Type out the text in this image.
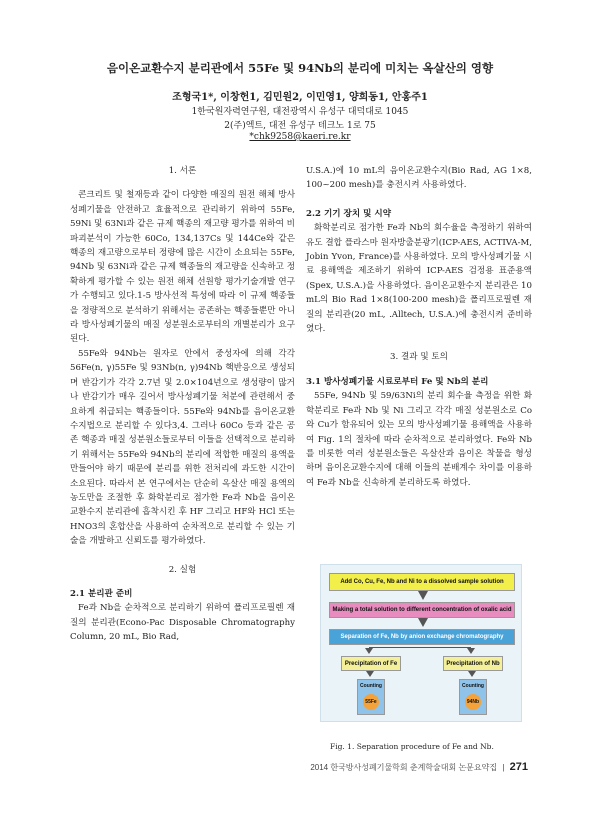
음이온교환수지 분리관에서 55Fe 및 94Nb의 분리에 미치는 옥살산의 영향
조형국1*, 이창헌1, 김민원2, 이민영1, 양희동1, 안홍주1
1한국원자력연구원, 대전광역시 유성구 대덕대로 1045
2(주)엑트, 대전 유성구 테크노 1로 75
*chk9258@kaeri.re.kr
1. 서론

콘크리트 및 철재등과 같이 다양한 매질의 원전 해체 방사성폐기물을 안전하고 효율적으로 관리하기 위하여 55Fe, 59Ni 및 63Ni과 같은 규제 핵종의 재고량 평가를 위하여 비파괴분석이 가능한 60Co, 134,137Cs 및 144Ce와 같은 핵종의 재고량으로부터 정량에 많은 시간이 소요되는 55Fe, 94Nb 및 63Ni과 같은 규제 핵종들의 재고량을 신속하고 정확하게 평가할 수 있는 원전 해체 선원항 평가기술개발 연구가 수행되고 있다.1-5 방사선적 특성에 따라 이 규제 핵종들을 정량적으로 분석하기 위해서는 공존하는 핵종들뿐만 아니라 방사성폐기물의 매질 성분원소로부터의 개별분리가 요구된다.

55Fe와 94Nb는 원자로 안에서 중성자에 의해 각각 56Fe(n, γ)55Fe 및 93Nb(n, γ)94Nb 핵반응으로 생성되며 반감기가 각각 2.7년 및 2.0×104년으로 생성량이 많거나 반감기가 매우 길어서 방사성폐기물 처분에 관련해서 중요하게 취급되는 핵종들이다. 55Fe와 94Nb를 음이온교환수지법으로 분리할 수 있다3,4. 그러나 60Co 등과 같은 공존 핵종과 매질 성분원소들로부터 이들을 선택적으로 분리하기 위해서는 55Fe와 94Nb의 분리에 적합한 매질의 용액을 만들어야 하기 때문에 분리를 위한 전처리에 과도한 시간이 소요된다. 따라서 본 연구에서는 단순히 옥살산 매질 용액의 농도만을 조절한 후 화학분리로 점가한 Fe과 Nb을 음이온교환수지 분리관에 흡착시킨 후 HF 그리고 HF와 HCl 또는 HNO3의 혼합산을 사용하여 순차적으로 분리할 수 있는 기술을 개발하고 신뢰도를 평가하였다.

2. 실험
2.1 분리관 준비

Fe과 Nb을 순차적으로 분리하기 위하여 폴리프로필렌 재질의 분리관(Econo-Pac Disposable Chromatography Column, 20 mL, Bio Rad,

U.S.A.)에 10 mL의 음이온교환수지(Bio Rad, AG 1×8, 100~200 mesh)를 충전시켜 사용하였다.

2.2 기기 장치 및 시약

화학분리로 점가한 Fe과 Nb의 회수율을 측정하기 위하여 유도 결합 플라스마 원자방출분광기(ICP-AES, ACTIVA-M, Jobin Yvon, France)를 사용하였다. 모의 방사성폐기물 시료 용해액을 제조하기 위하여 ICP-AES 검정용 표준용액(Spex, U.S.A.)을 사용하였다. 음이온교환수지 분리관은 10 mL의 Bio Rad 1×8(100-200 mesh)을 폴리프로필렌 재질의 분리관(20 mL, .Alltech, U.S.A.)에 충전시켜 준비하였다.

3. 결과 및 토의
3.1 방사성폐기물 시료로부터 Fe 및 Nb의 분리

55Fe, 94Nb 및 59/63Ni의 분리 회수율 측정을 위한 화학분리로 Fe과 Nb 및 Ni 그리고 각각 매질 성분원소로 Co와 Cu가 함유되어 있는 모의 방사성폐기물 용해액을 사용하여 Fig. 1의 절차에 따라 순차적으로 분리하였다. Fe와 Nb를 비롯한 여러 성분원소들은 옥살산과 음이온 착물을 형성하며 음이온교환수지에 대해 이들의 분배계수 차이를 이용하여 Fe과 Nb을 신속하게 분리하도록 하였다.

Add Co, Cu, Fe, Nb and Ni to a dissolved sample solution
Making a total solution to different concentration of oxalic acid
Separation of Fe, Nb by anion exchange chromatography
Precipitation of Fe	Precipitation of Nb
Counting
55Fe
Counting
94Nb
Fig. 1. Separation procedure of Fe and Nb.
2014 한국방사성폐기물학회 춘계학술대회 논문요약집 | 271
